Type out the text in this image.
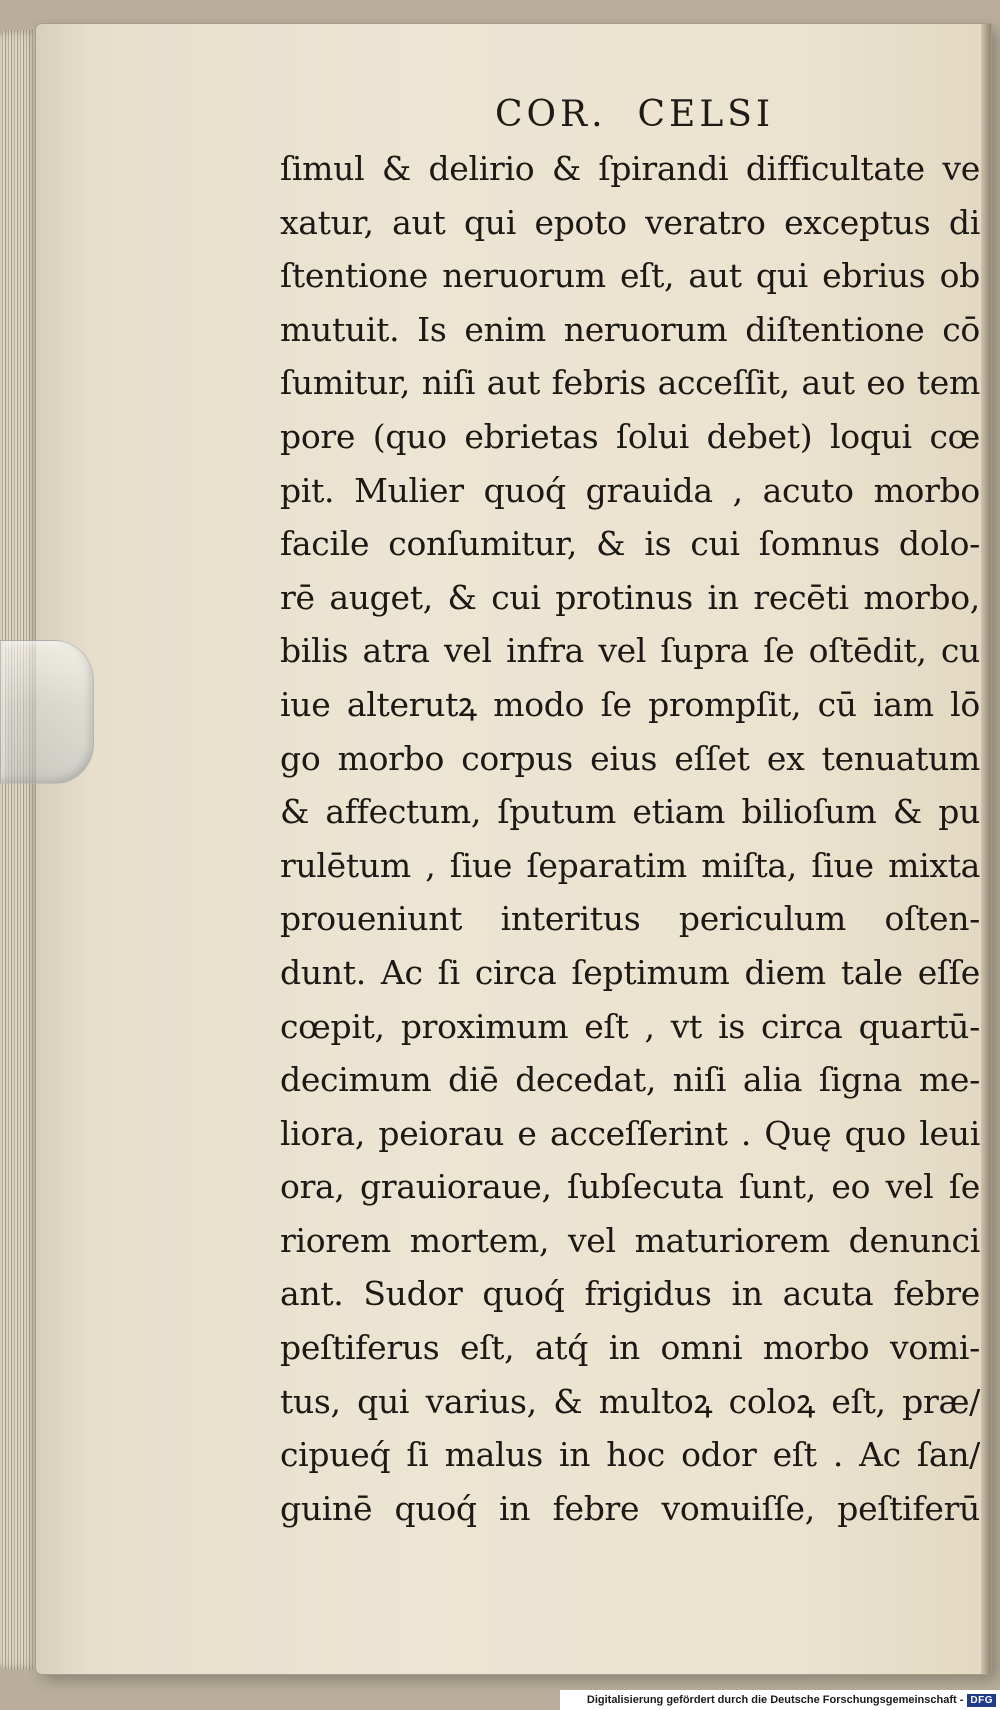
COR.  CELSI
ſimul & delirio & ſpirandi difficultate ve
xatur, aut qui epoto veratro exceptus di
ſtentione neruorum eſt, aut qui ebrius ob
mutuit. Is enim neruorum diſtentione cō
ſumitur, niſi aut febris acceſſit, aut eo tem
pore (quo ebrietas ſolui debet) loqui cœ
pit. Mulier quoq́ grauida , acuto morbo
facile conſumitur, & is cui ſomnus dolo-
rē auget, & cui protinus in recēti morbo,
bilis atra vel infra vel ſupra ſe oſtēdit, cu
iue alterutꝝ modo ſe prompſit, cū iam lō
go morbo corpus eius eſſet ex tenuatum
& affectum, ſputum etiam bilioſum & pu
rulētum , ſiue ſeparatim miſta, ſiue mixta
proueniunt interitus periculum oſten-
dunt. Ac ſi circa ſeptimum diem tale eſſe
cœpit, proximum eſt , vt is circa quartū-
decimum diē decedat, niſi alia ſigna me-
liora, peiorau e acceſſerint . Quę quo leui
ora, grauioraue, ſubſecuta ſunt, eo vel ſe
riorem mortem, vel maturiorem denunci
ant. Sudor quoq́ frigidus in acuta febre
peſtiferus eſt, atq́ in omni morbo vomi-
tus, qui varius, & multoꝝ coloꝝ eſt, præ/
cipueq́ ſi malus in hoc odor eſt . Ac ſan/
guinē quoq́ in febre vomuiſſe, peſtiferū
Digitalisierung gefördert durch die Deutsche Forschungsgemeinschaft - DFG
